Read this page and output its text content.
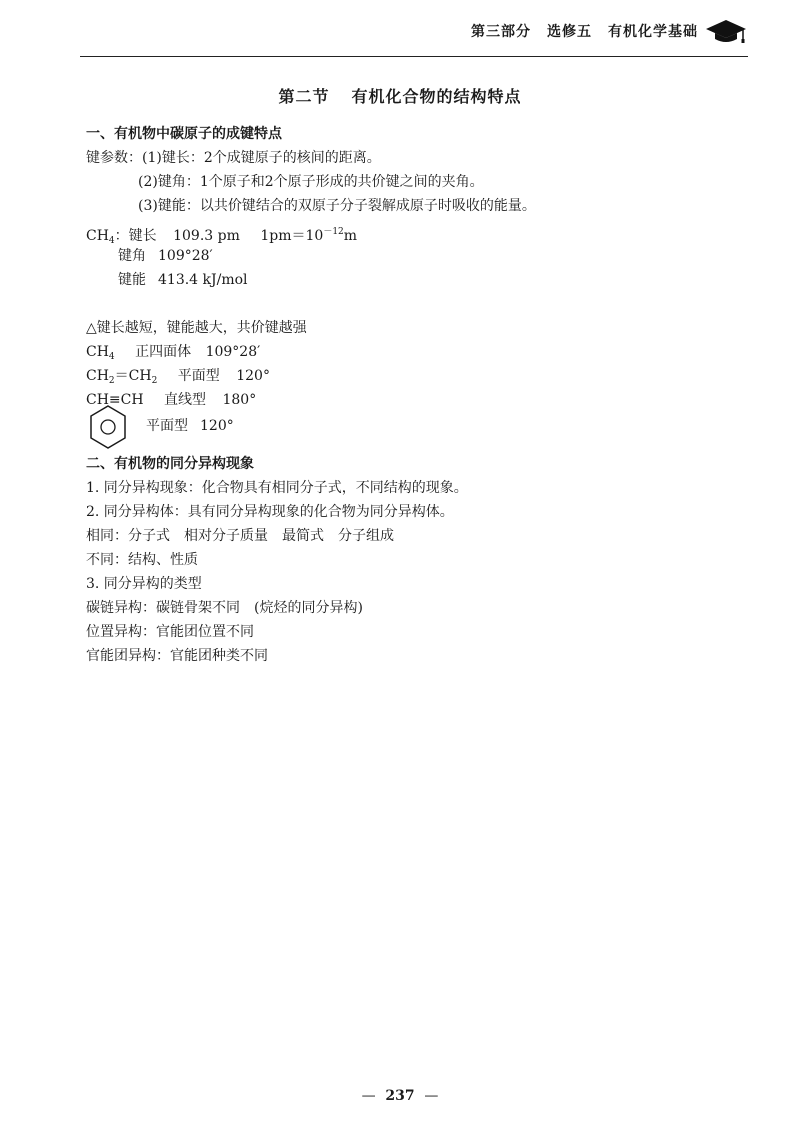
第三部分 选修五 有机化学基础
第二节 有机化合物的结构特点
一、有机物中碳原子的成键特点
键参数：(1)键长：2个成键原子的核间的距离。
(2)键角：1个原子和2个原子形成的共价键之间的夹角。
(3)键能：以共价键结合的双原子分子裂解成原子时吸收的能量。
$CH_4$：键长 109.3 pm $1pm=10^{-12}m$
键角 109°28′
键能 413.4 kJ/mol
△键长越短，键能越大，共价键越强
$CH_4$ 正四面体 109°28′
$CH_2=CH_2$ 平面型 120°
CH≡CH 直线型 180°
平面型 120°
二、有机物的同分异构现象
1. 同分异构现象：化合物具有相同分子式，不同结构的现象。
2. 同分异构体：具有同分异构现象的化合物为同分异构体。
相同：分子式　相对分子质量　最简式　分子组成
不同：结构、性质
3. 同分异构的类型
碳链异构：碳链骨架不同　(烷烃的同分异构)
位置异构：官能团位置不同
官能团异构：官能团种类不同
— 237 —
